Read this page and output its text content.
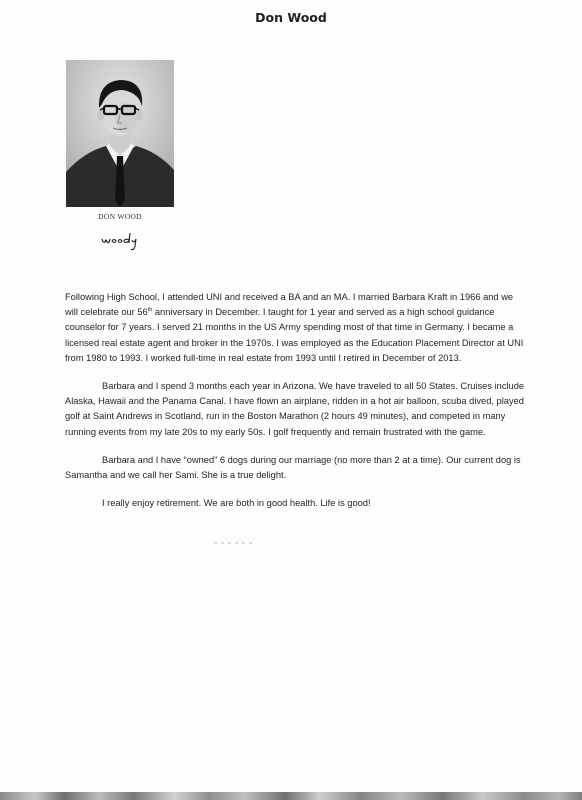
Don Wood
DON WOOD

Following High School, I attended UNI and received a BA and an MA. I married Barbara Kraft in 1966 and we will celebrate our 56th anniversary in December. I taught for 1 year and served as a high school guidance counselor for 7 years. I served 21 months in the US Army spending most of that time in Germany. I became a licensed real estate agent and broker in the 1970s. I was employed as the Education Placement Director at UNI from 1980 to 1993. I worked full-time in real estate from 1993 until I retired in December of 2013.

Barbara and I spend 3 months each year in Arizona. We have traveled to all 50 States. Cruises include Alaska, Hawaii and the Panama Canal. I have flown an airplane, ridden in a hot air balloon, scuba dived, played golf at Saint Andrews in Scotland, run in the Boston Marathon (2 hours 49 minutes), and competed in many running events from my late 20s to my early 50s. I golf frequently and remain frustrated with the game.

Barbara and I have “owned” 6 dogs during our marriage (no more than 2 at a time). Our current dog is Samantha and we call her Sami. She is a true delight.

I really enjoy retirement. We are both in good health. Life is good!
